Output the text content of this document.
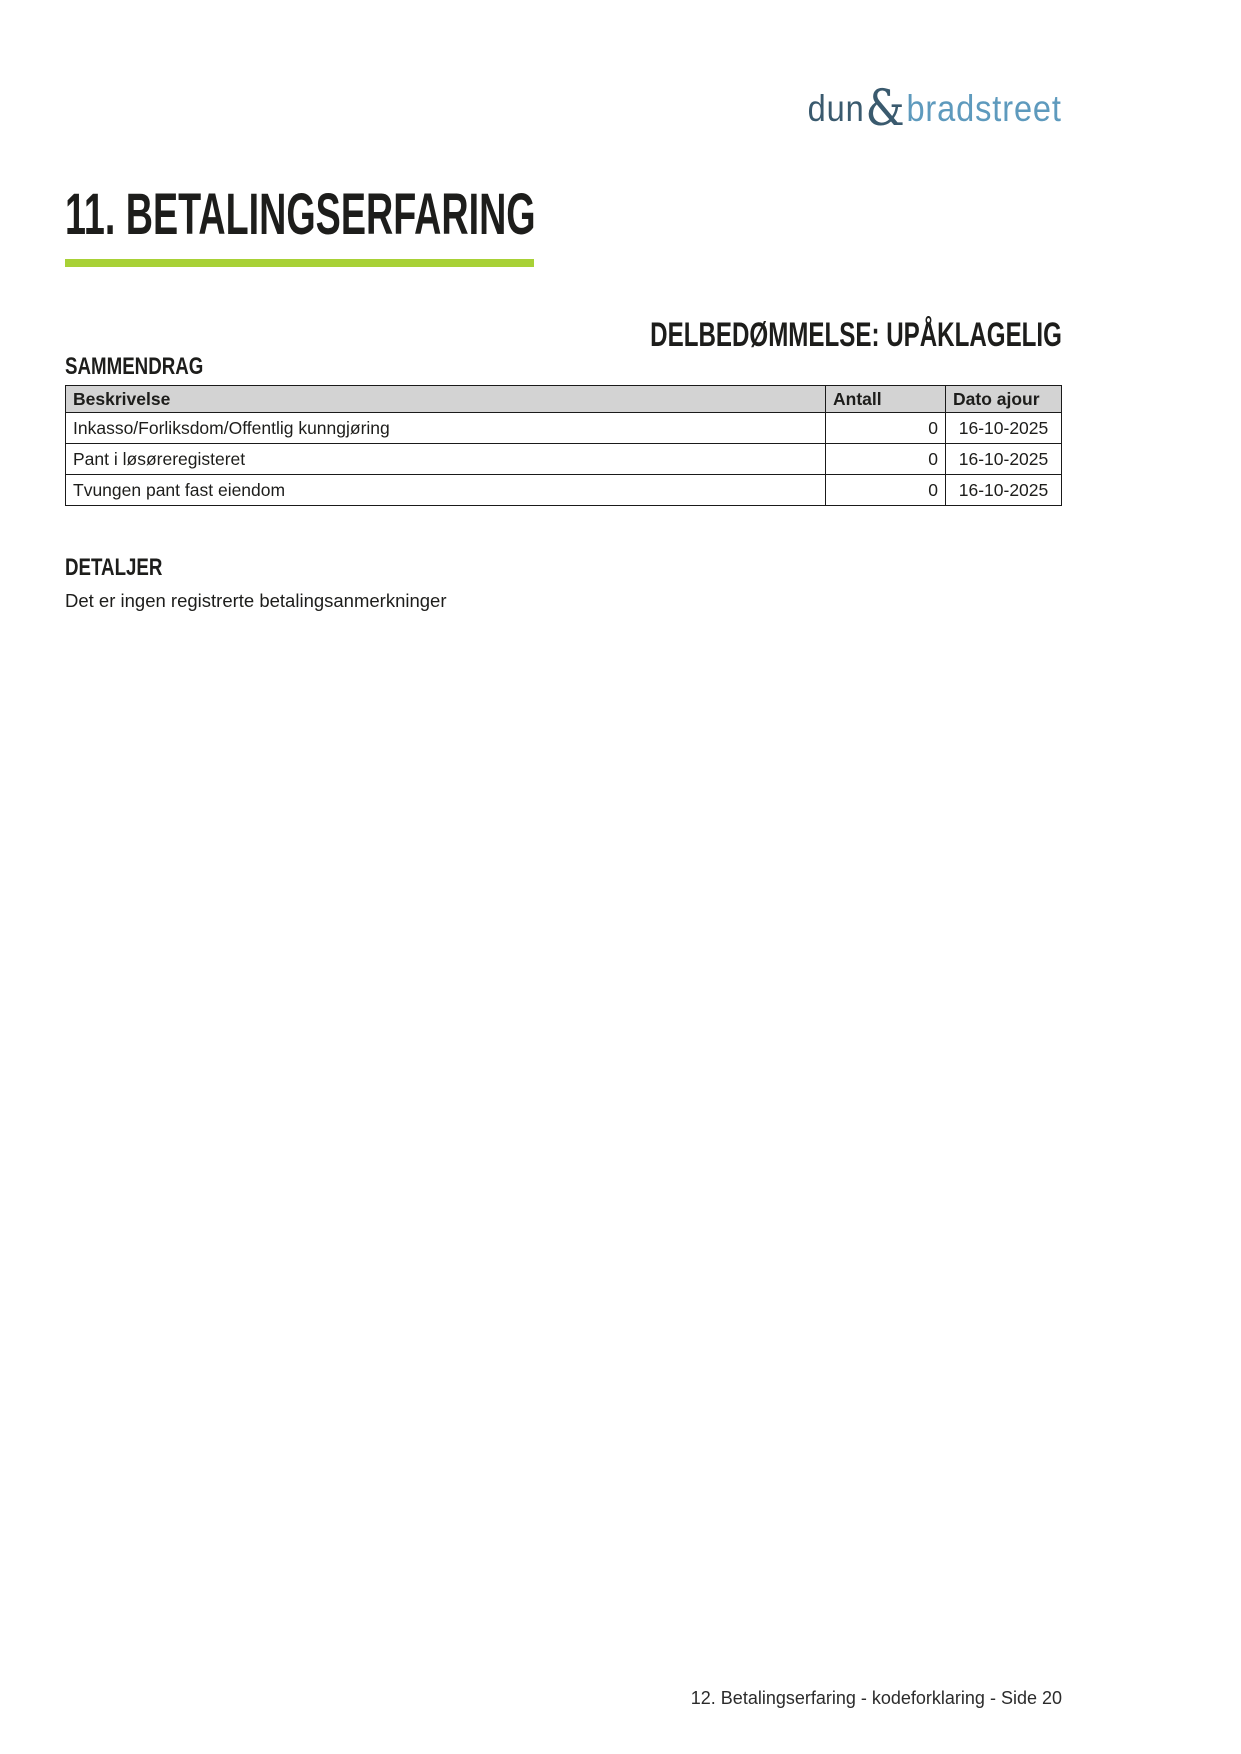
dun&bradstreet
11. BETALINGSERFARING
DELBEDØMMELSE: UPÅKLAGELIG
SAMMENDRAG
Beskrivelse	Antall	Dato ajour
Inkasso/Forliksdom/Offentlig kunngjøring	0	16-10-2025
Pant i løsøreregisteret	0	16-10-2025
Tvungen pant fast eiendom	0	16-10-2025
DETALJER
Det er ingen registrerte betalingsanmerkninger
12. Betalingserfaring - kodeforklaring - Side 20
